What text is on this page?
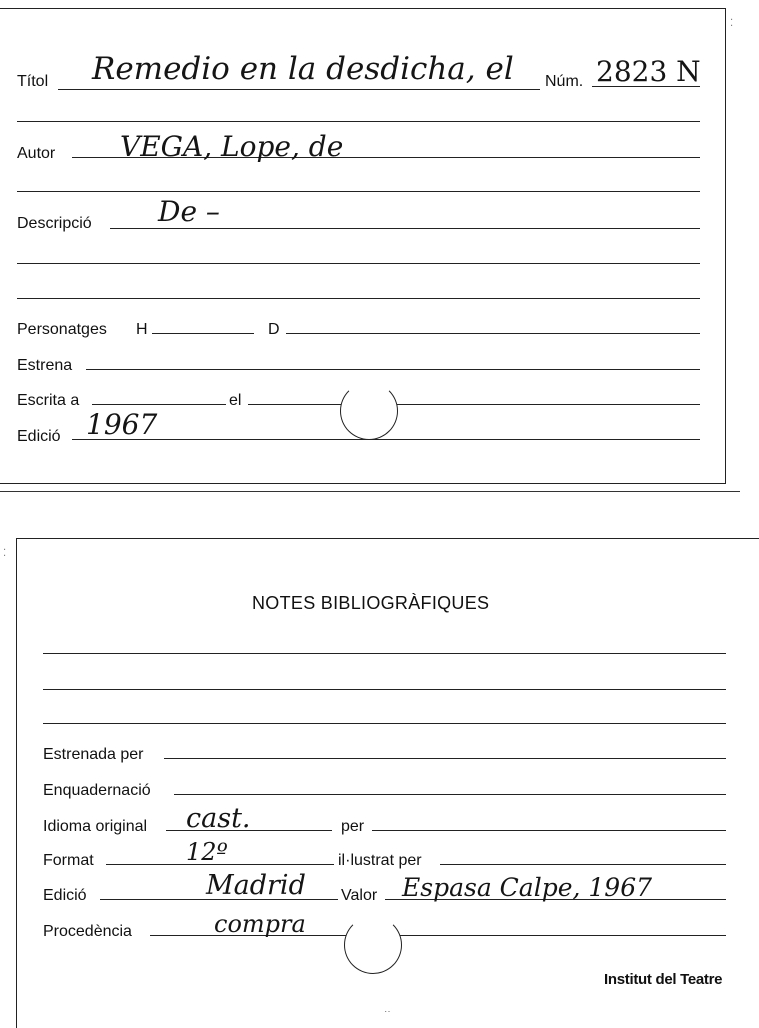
Títol Remedio en la desdicha, el Núm. 2823 N
Autor VEGA, Lope, de
Descripció De –
Personatges H	D
Estrena
Escrita a	el
Edició 1967
NOTES BIBLIOGRÀFIQUES
Estrenada per
Enquadernació
Idioma original cast.	per
Format	12º	il·lustrat per
Edició	Madrid Valor Espasa Calpe, 1967
Procedència	compra
Institut del Teatre
⁚
⁚
‥
